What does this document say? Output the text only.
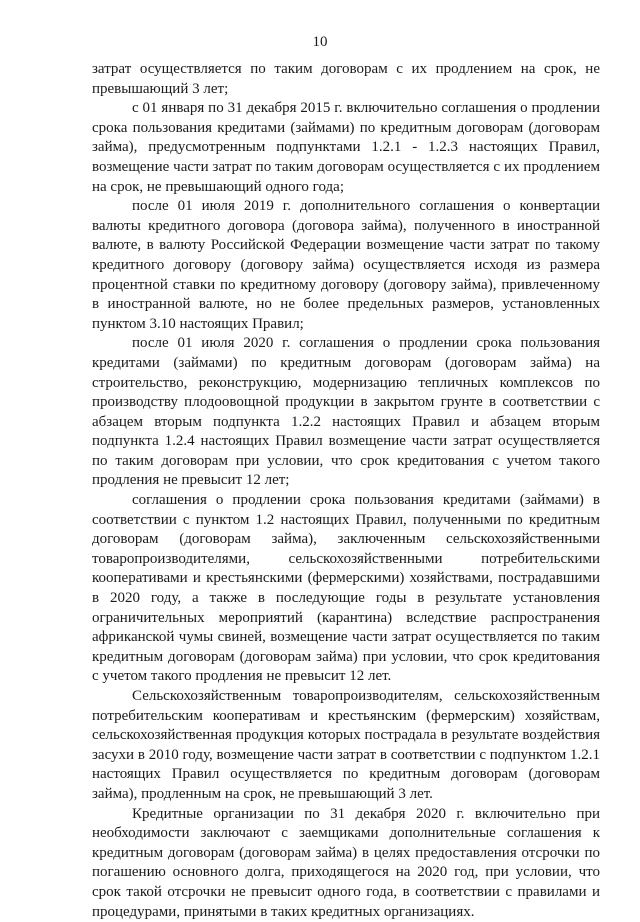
10

затрат осуществляется по таким договорам с их продлением на срок, не превышающий 3 лет;

с 01 января по 31 декабря 2015 г. включительно соглашения о продлении срока пользования кредитами (займами) по кредитным договорам (договорам займа), предусмотренным подпунктами 1.2.1 - 1.2.3 настоящих Правил, возмещение части затрат по таким договорам осуществляется с их продлением на срок, не превышающий одного года;

после 01 июля 2019 г. дополнительного соглашения о конвертации валюты кредитного договора (договора займа), полученного в иностранной валюте, в валюту Российской Федерации возмещение части затрат по такому кредитного договору (договору займа) осуществляется исходя из размера процентной ставки по кредитному договору (договору займа), привлеченному в иностранной валюте, но не более предельных размеров, установленных пунктом 3.10 настоящих Правил;

после 01 июля 2020 г. соглашения о продлении срока пользования кредитами (займами) по кредитным договорам (договорам займа) на строительство, реконструкцию, модернизацию тепличных комплексов по производству плодоовощной продукции в закрытом грунте в соответствии с абзацем вторым подпункта 1.2.2 настоящих Правил и абзацем вторым подпункта 1.2.4 настоящих Правил возмещение части затрат осуществляется по таким договорам при условии, что срок кредитования с учетом такого продления не превысит 12 лет;

соглашения о продлении срока пользования кредитами (займами) в соответствии с пунктом 1.2 настоящих Правил, полученными по кредитным договорам (договорам займа), заключенным сельскохозяйственными товаропроизводителями, сельскохозяйственными потребительскими кооперативами и крестьянскими (фермерскими) хозяйствами, пострадавшими в 2020 году, а также в последующие годы в результате установления ограничительных мероприятий (карантина) вследствие распространения африканской чумы свиней, возмещение части затрат осуществляется по таким кредитным договорам (договорам займа) при условии, что срок кредитования с учетом такого продления не превысит 12 лет.

Сельскохозяйственным товаропроизводителям, сельскохозяйственным потребительским кооперативам и крестьянским (фермерским) хозяйствам, сельскохозяйственная продукция которых пострадала в результате воздействия засухи в 2010 году, возмещение части затрат в соответствии с подпунктом 1.2.1 настоящих Правил осуществляется по кредитным договорам (договорам займа), продленным на срок, не превышающий 3 лет.

Кредитные организации по 31 декабря 2020 г. включительно при необходимости заключают с заемщиками дополнительные соглашения к кредитным договорам (договорам займа) в целях предоставления отсрочки по погашению основного долга, приходящегося на 2020 год, при условии, что срок такой отсрочки не превысит одного года, в соответствии с правилами и процедурами, принятыми в таких кредитных организациях.
